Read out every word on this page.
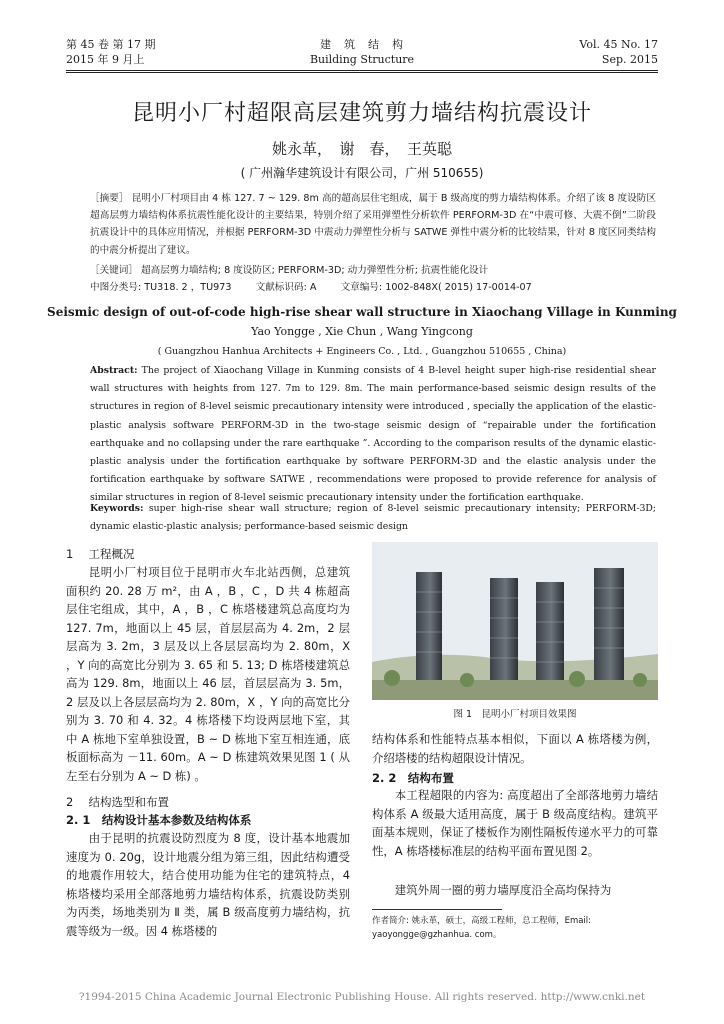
第 45 卷 第 17 期
2015 年 9 月上
建　筑　结　构
Building Structure
Vol. 45 No. 17
Sep. 2015
昆明小厂村超限高层建筑剪力墙结构抗震设计
姚永革，　谢　春，　王英聪
( 广州瀚华建筑设计有限公司，广州 510655)
［摘要］ 昆明小厂村项目由 4 栋 127. 7 ~ 129. 8m 高的超高层住宅组成，属于 B 级高度的剪力墙结构体系。介绍了该 8 度设防区超高层剪力墙结构体系抗震性能化设计的主要结果，特别介绍了采用弹塑性分析软件 PERFORM-3D 在“中震可修、大震不倒”二阶段抗震设计中的具体应用情况，并根据 PERFORM-3D 中震动力弹塑性分析与 SATWE 弹性中震分析的比较结果，针对 8 度区同类结构的中震分析提出了建议。
［关键词］ 超高层剪力墙结构; 8 度设防区; PERFORM-3D; 动力弹塑性分析; 抗震性能化设计
中图分类号: TU318. 2 ，TU973	文献标识码: A	文章编号: 1002-848X( 2015) 17-0014-07
Seismic design of out-of-code high-rise shear wall structure in Xiaochang Village in Kunming
Yao Yongge , Xie Chun , Wang Yingcong
( Guangzhou Hanhua Architects + Engineers Co. , Ltd. , Guangzhou 510655 , China)
Abstract: The project of Xiaochang Village in Kunming consists of 4 B-level height super high-rise residential shear wall structures with heights from 127. 7m to 129. 8m. The main performance-based seismic design results of the structures in region of 8-level seismic precautionary intensity were introduced , specially the application of the elastic-plastic analysis software PERFORM-3D in the two-stage seismic design of “repairable under the fortification earthquake and no collapsing under the rare earthquake ”. According to the comparison results of the dynamic elastic-plastic analysis under the fortification earthquake by software PERFORM-3D and the elastic analysis under the fortification earthquake by software SATWE , recommendations were proposed to provide reference for analysis of similar structures in region of 8-level seismic precautionary intensity under the fortification earthquake.
Keywords: super high-rise shear wall structure; region of 8-level seismic precautionary intensity; PERFORM-3D; dynamic elastic-plastic analysis; performance-based seismic design
1　 工程概况
昆明小厂村项目位于昆明市火车北站西侧，总建筑面积约 20. 28 万 m²，由 A ，B ，C ，D 共 4 栋超高层住宅组成，其中，A ，B ，C 栋塔楼建筑总高度均为 127. 7m，地面以上 45 层，首层层高为 4. 2m，2 层层高为 3. 2m，3 层及以上各层层高均为 2. 80m，X ，Y 向的高宽比分别为 3. 65 和 5. 13; D 栋塔楼建筑总高为 129. 8m，地面以上 46 层，首层层高为 3. 5m，2 层及以上各层层高均为 2. 80m，X ，Y 向的高宽比分别为 3. 70 和 4. 32。4 栋塔楼下均设两层地下室，其中 A 栋地下室单独设置，B ~ D 栋地下室互相连通，底板面标高为 －11. 60m。A ~ D 栋建筑效果见图 1 ( 从左至右分别为 A ~ D 栋) 。
2　 结构选型和布置
2. 1　结构设计基本参数及结构体系
由于昆明的抗震设防烈度为 8 度，设计基本地震加速度为 0. 20g，设计地震分组为第三组，因此结构遭受的地震作用较大，结合使用功能为住宅的建筑特点，4 栋塔楼均采用全部落地剪力墙结构体系，抗震设防类别为丙类，场地类别为 Ⅱ 类，属 B 级高度剪力墙结构，抗震等级为一级。因 4 栋塔楼的
图 1　昆明小厂村项目效果图
结构体系和性能特点基本相似，下面以 A 栋塔楼为例，介绍塔楼的结构超限设计情况。
2. 2　结构布置
本工程超限的内容为: 高度超出了全部落地剪力墙结构体系 A 级最大适用高度，属于 B 级高度结构。建筑平面基本规则，保证了楼板作为刚性隔板传递水平力的可靠性，A 栋塔楼标准层的结构平面布置见图 2。
建筑外周一圈的剪力墙厚度沿全高均保持为
作者简介: 姚永革，硕士，高级工程师，总工程师，Email: yaoyongge@gzhanhua. com。
?1994-2015 China Academic Journal Electronic Publishing House. All rights reserved. http://www.cnki.net
